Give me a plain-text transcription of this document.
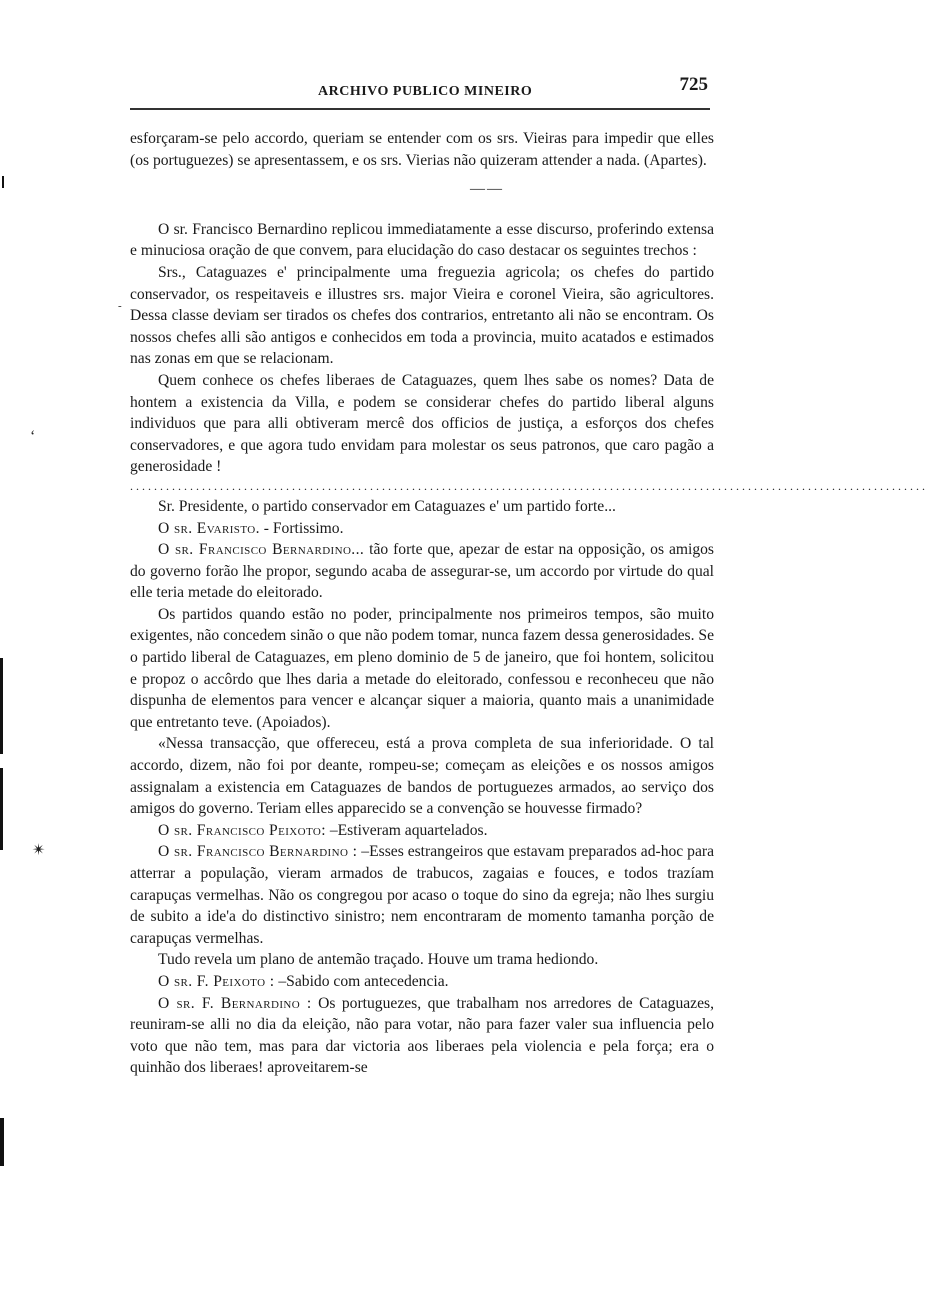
ARCHIVO PUBLICO MINEIRO	725

esforçaram-se pelo accordo, queriam se entender com os srs. Vieiras para impedir que elles (os portuguezes) se apresentassem, e os srs. Vierias não quizeram attender a nada. (Apartes).

——

O sr. Francisco Bernardino replicou immediatamente a esse discurso, proferindo extensa e minuciosa oração de que convem, para elucidação do caso destacar os seguintes trechos :

Srs., Cataguazes e' principalmente uma freguezia agricola; os chefes do partido conservador, os respeitaveis e illustres srs. major Vieira e coronel Vieira, são agricultores. Dessa classe deviam ser tirados os chefes dos contrarios, entretanto ali não se encontram. Os nossos chefes alli são antigos e conhecidos em toda a provincia, muito acatados e estimados nas zonas em que se relacionam.

Quem conhece os chefes liberaes de Cataguazes, quem lhes sabe os nomes? Data de hontem a existencia da Villa, e podem se considerar chefes do partido liberal alguns individuos que para alli obtiveram mercê dos officios de justiça, a esforços dos chefes conservadores, e que agora tudo envidam para molestar os seus patronos, que caro pagão a generosidade !

.....................................................................................................................................

Sr. Presidente, o partido conservador em Cataguazes e' um partido forte...

O sr. Evaristo. - Fortissimo.

O sr. Francisco Bernardino... tão forte que, apezar de estar na opposição, os amigos do governo forão lhe propor, segundo acaba de assegurar-se, um accordo por virtude do qual elle teria metade do eleitorado.

Os partidos quando estão no poder, principalmente nos primeiros tempos, são muito exigentes, não concedem sinão o que não podem tomar, nunca fazem dessa generosidades. Se o partido liberal de Cataguazes, em pleno dominio de 5 de janeiro, que foi hontem, solicitou e propoz o accôrdo que lhes daria a metade do eleitorado, confessou e reconheceu que não dispunha de elementos para vencer e alcançar siquer a maioria, quanto mais a unanimidade que entretanto teve. (Apoiados).

«Nessa transacção, que offereceu, está a prova completa de sua inferioridade. O tal accordo, dizem, não foi por deante, rompeu-se; começam as eleições e os nossos amigos assignalam a existencia em Cataguazes de bandos de portuguezes armados, ao serviço dos amigos do governo. Teriam elles apparecido se a convenção se houvesse firmado?

O sr. Francisco Peixoto: –Estiveram aquartelados.

O sr. Francisco Bernardino : –Esses estrangeiros que estavam preparados ad-hoc para atterrar a população, vieram armados de trabucos, zagaias e fouces, e todos trazíam carapuças vermelhas. Não os congregou por acaso o toque do sino da egreja; não lhes surgiu de subito a ide'a do distinctivo sinistro; nem encontraram de momento tamanha porção de carapuças vermelhas.

Tudo revela um plano de antemão traçado. Houve um trama hediondo.

O sr. F. Peixoto : –Sabido com antecedencia.

O sr. F. Bernardino : Os portuguezes, que trabalham nos arredores de Cataguazes, reuniram-se alli no dia da eleição, não para votar, não para fazer valer sua influencia pelo voto que não tem, mas para dar victoria aos liberaes pela violencia e pela força; era o quinhão dos liberaes! aproveitarem-se

‘
✴
-
